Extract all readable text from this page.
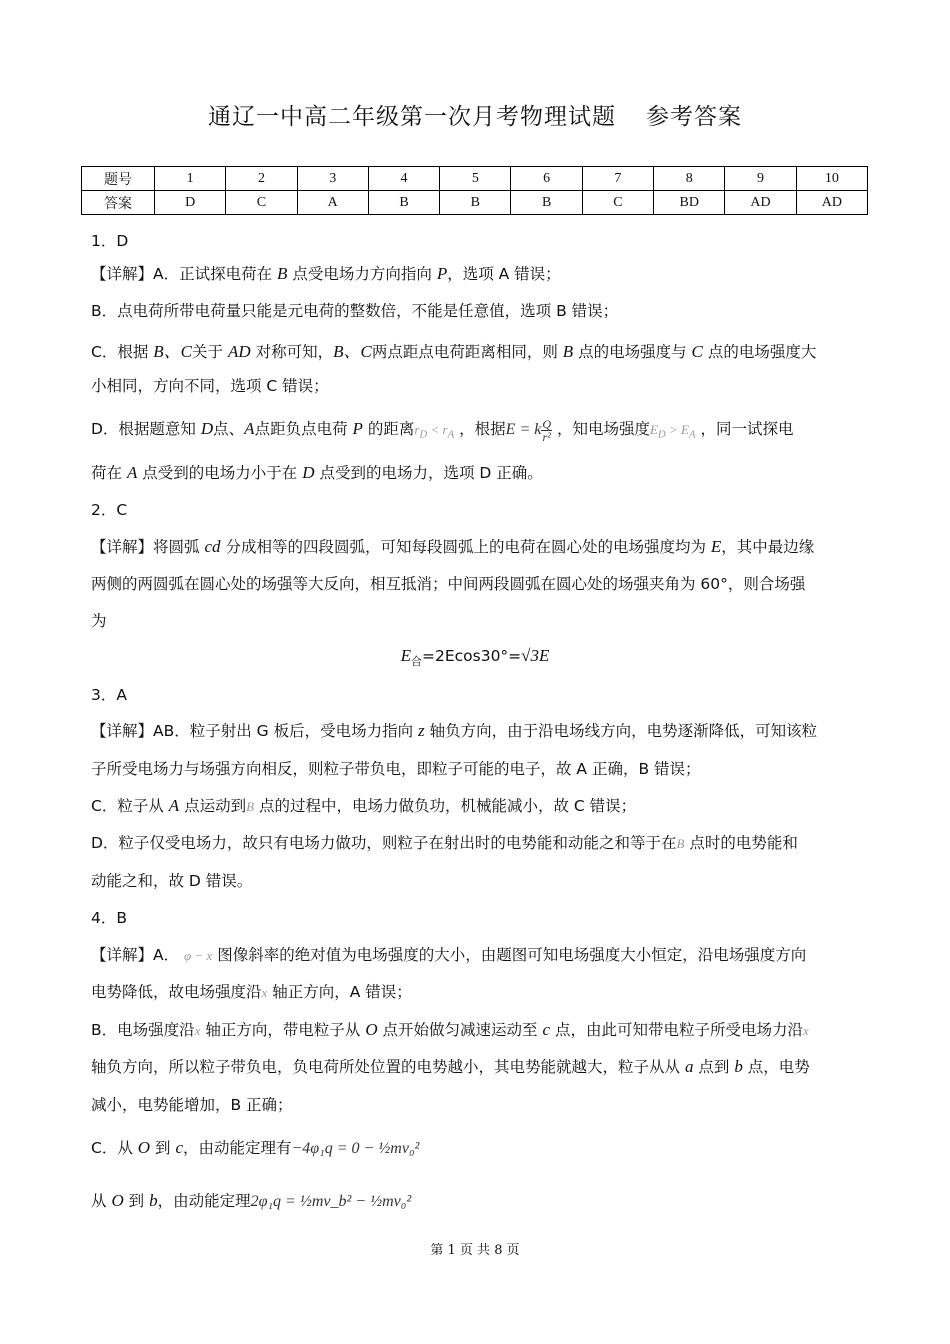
通辽一中高二年级第一次月考物理试题 参考答案
题号	1	2	3	4	5	6	7	8	9	10
答案	D	C	A	B	B	B	C	BD	AD	AD
1．D
【详解】A．正试探电荷在 B 点受电场力方向指向 P，选项 A 错误；
B．点电荷所带电荷量只能是元电荷的整数倍，不能是任意值，选项 B 错误；
C．根据 B、C关于 AD 对称可知，B、C两点距点电荷距离相同，则 B 点的电场强度与 C 点的电场强度大
小相同，方向不同，选项 C 错误；
D．根据题意知 D点、A点距负点电荷 P 的距离$r_D < r_A$ ，根据E = k $\frac{Q}{\text{r²}}$ ，知电场强度$E_D > E_A$ ，同一试探电
荷在 A 点受到的电场力小于在 D 点受到的电场力，选项 D 正确。
2．C
【详解】将圆弧 cd 分成相等的四段圆弧，可知每段圆弧上的电荷在圆心处的电场强度均为 E，其中最边缘
两侧的两圆弧在圆心处的场强等大反向，相互抵消；中间两段圆弧在圆心处的场强夹角为 60°，则合场强
为
$E_合=2Ecos30^\circ=√3E$
3．A
【详解】AB．粒子射出 G 板后，受电场力指向 z 轴负方向，由于沿电场线方向，电势逐渐降低，可知该粒
子所受电场力与场强方向相反，则粒子带负电，即粒子可能的电子，故 A 正确，B 错误；
C．粒子从 A 点运动到B 点的过程中，电场力做负功，机械能减小，故 C 错误；
D．粒子仅受电场力，故只有电场力做功，则粒子在射出时的电势能和动能之和等于在B 点时的电势能和
动能之和，故 D 错误。
4．B
【详解】A． φ − x 图像斜率的绝对值为电场强度的大小，由题图可知电场强度大小恒定，沿电场强度方向
电势降低，故电场强度沿x 轴正方向，A 错误；
B．电场强度沿x 轴正方向，带电粒子从 O 点开始做匀减速运动至 c 点，由此可知带电粒子所受电场力沿x
轴负方向，所以粒子带负电，负电荷所处位置的电势越小，其电势能就越大，粒子从从 a 点到 b 点，电势
减小，电势能增加，B 正确；
C．从 O 到 c，由动能定理有−4φ₁q = 0 − ½mv₀²
从 O 到 b，由动能定理2φ₁q = ½mv_b² − ½mv₀²
第 1 页 共 8 页
